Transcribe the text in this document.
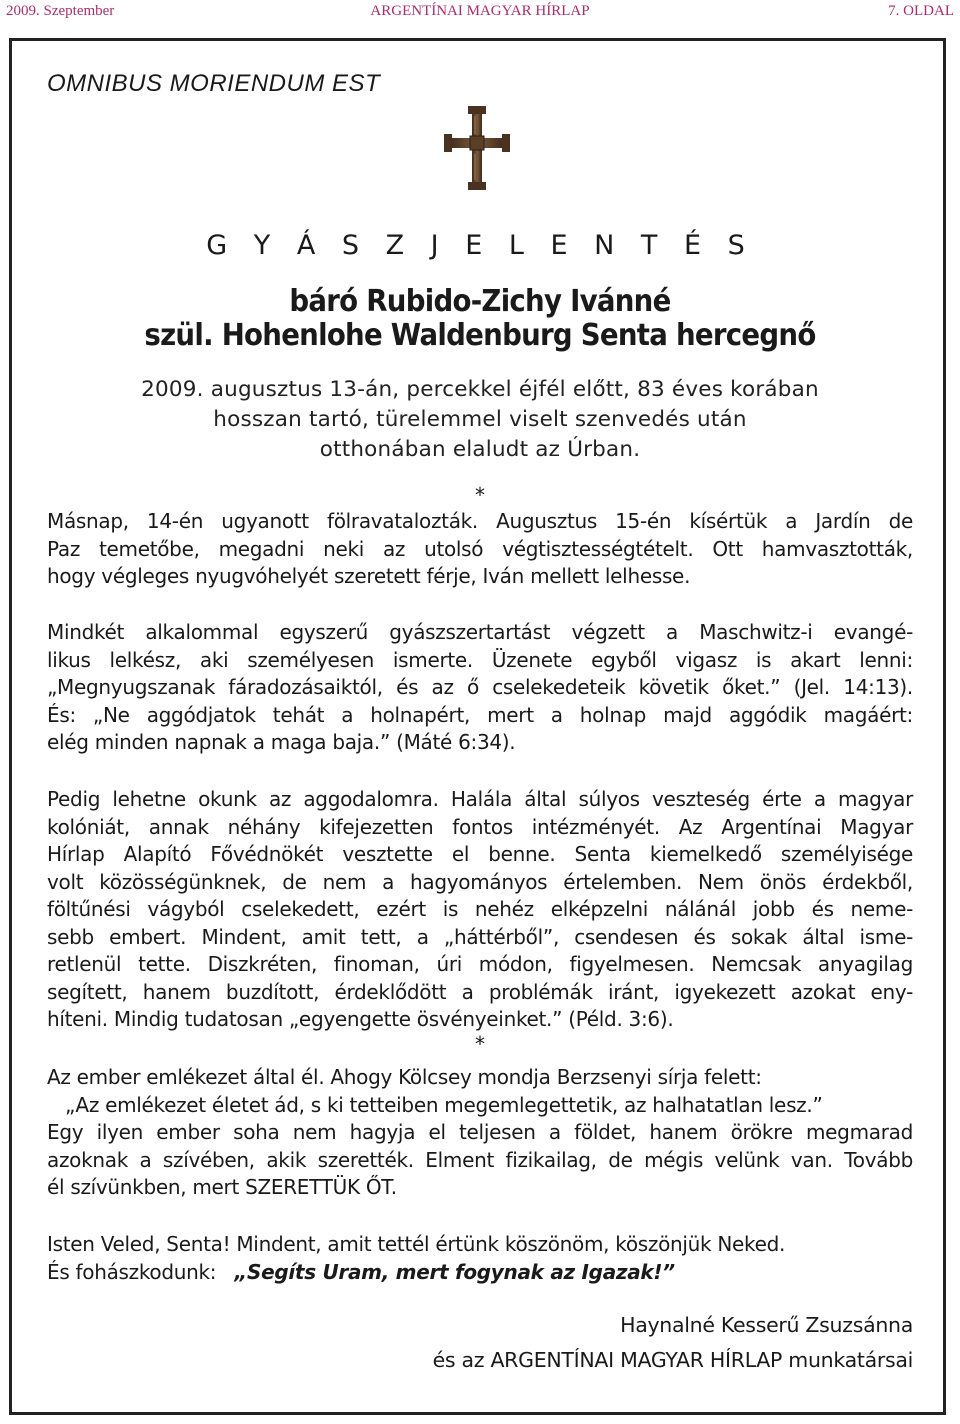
2009. Szeptember	ARGENTÍNAI MAGYAR HÍRLAP	7. OLDAL
OMNIBUS MORIENDUM EST
G Y Á S Z J E L E N T É S
báró Rubido-Zichy Ivánné
szül. Hohenlohe Waldenburg Senta hercegnő
2009. augusztus 13-án, percekkel éjfél előtt, 83 éves korában
hosszan tartó, türelemmel viselt szenvedés után
otthonában elaludt az Úrban.
*
Másnap, 14-én ugyanott fölravatalozták. Augusztus 15-én kísértük a Jardín de
Paz temetőbe, megadni neki az utolsó végtisztességtételt. Ott hamvasztották,
hogy végleges nyugvóhelyét szeretett férje, Iván mellett lelhesse.
Mindkét alkalommal egyszerű gyászszertartást végzett a Maschwitz-i evangé-
likus lelkész, aki személyesen ismerte. Üzenete egyből vigasz is akart lenni:
„Megnyugszanak fáradozásaiktól, és az ő cselekedeteik követik őket.” (Jel. 14:13).
És: „Ne aggódjatok tehát a holnapért, mert a holnap majd aggódik magáért:
elég minden napnak a maga baja.” (Máté 6:34).
Pedig lehetne okunk az aggodalomra. Halála által súlyos veszteség érte a magyar
kolóniát, annak néhány kifejezetten fontos intézményét. Az Argentínai Magyar
Hírlap Alapító Fővédnökét vesztette el benne. Senta kiemelkedő személyisége
volt közösségünknek, de nem a hagyományos értelemben. Nem önös érdekből,
föltűnési vágyból cselekedett, ezért is nehéz elképzelni nálánál jobb és neme-
sebb embert. Mindent, amit tett, a „háttérből”, csendesen és sokak által isme-
retlenül tette. Diszkréten, finoman, úri módon, figyelmesen. Nemcsak anyagilag
segített, hanem buzdított, érdeklődött a problémák iránt, igyekezett azokat eny-
híteni. Mindig tudatosan „egyengette ösvényeinket.” (Péld. 3:6).
*
Az ember emlékezet által él. Ahogy Kölcsey mondja Berzsenyi sírja felett:
„Az emlékezet életet ád, s ki tetteiben megemlegettetik, az halhatatlan lesz.”
Egy ilyen ember soha nem hagyja el teljesen a földet, hanem örökre megmarad
azoknak a szívében, akik szerették. Elment fizikailag, de mégis velünk van. Tovább
él szívünkben, mert SZERETTÜK ŐT.
Isten Veled, Senta! Mindent, amit tettél értünk köszönöm, köszönjük Neked.
És fohászkodunk: „Segíts Uram, mert fogynak az Igazak!”
Haynalné Kesserű Zsuzsánna
és az ARGENTÍNAI MAGYAR HÍRLAP munkatársai
